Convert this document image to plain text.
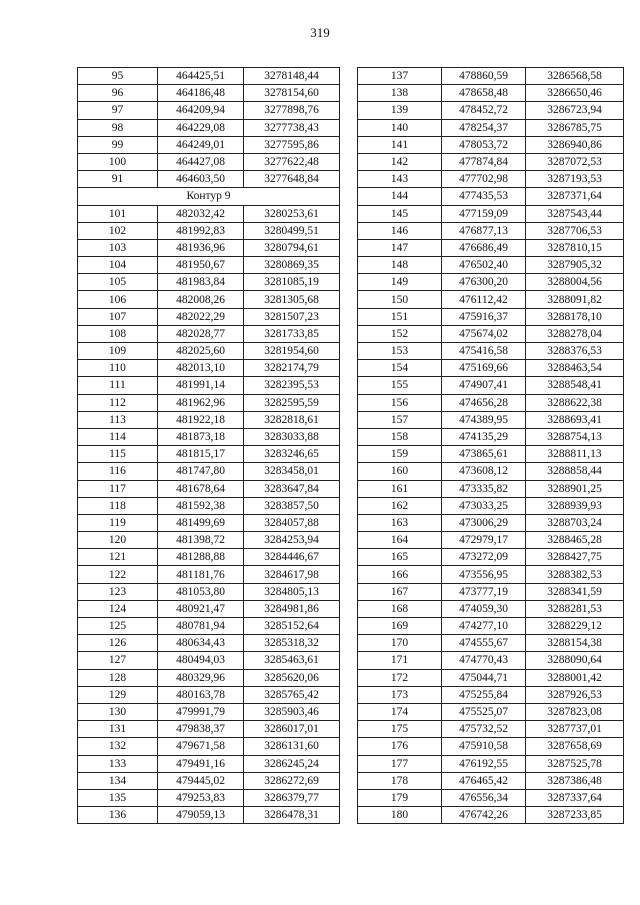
319
95	464425,51	3278148,44
96	464186,48	3278154,60
97	464209,94	3277898,76
98	464229,08	3277738,43
99	464249,01	3277595,86
100	464427,08	3277622,48
91	464603,50	3277648,84
Контур 9		
101	482032,42	3280253,61
102	481992,83	3280499,51
103	481936,96	3280794,61
104	481950,67	3280869,35
105	481983,84	3281085,19
106	482008,26	3281305,68
107	482022,29	3281507,23
108	482028,77	3281733,85
109	482025,60	3281954,60
110	482013,10	3282174,79
111	481991,14	3282395,53
112	481962,96	3282595,59
113	481922,18	3282818,61
114	481873,18	3283033,88
115	481815,17	3283246,65
116	481747,80	3283458,01
117	481678,64	3283647,84
118	481592,38	3283857,50
119	481499,69	3284057,88
120	481398,72	3284253,94
121	481288,88	3284446,67
122	481181,76	3284617,98
123	481053,80	3284805,13
124	480921,47	3284981,86
125	480781,94	3285152,64
126	480634,43	3285318,32
127	480494,03	3285463,61
128	480329,96	3285620,06
129	480163,78	3285765,42
130	479991,79	3285903,46
131	479838,37	3286017,01
132	479671,58	3286131,60
133	479491,16	3286245,24
134	479445,02	3286272,69
135	479253,83	3286379,77
136	479059,13	3286478,31
137	478860,59	3286568,58
138	478658,48	3286650,46
139	478452,72	3286723,94
140	478254,37	3286785,75
141	478053,72	3286940,86
142	477874,84	3287072,53
143	477702,98	3287193,53
144	477435,53	3287371,64
145	477159,09	3287543,44
146	476877,13	3287706,53
147	476686,49	3287810,15
148	476502,40	3287905,32
149	476300,20	3288004,56
150	476112,42	3288091,82
151	475916,37	3288178,10
152	475674,02	3288278,04
153	475416,58	3288376,53
154	475169,66	3288463,54
155	474907,41	3288548,41
156	474656,28	3288622,38
157	474389,95	3288693,41
158	474135,29	3288754,13
159	473865,61	3288811,13
160	473608,12	3288858,44
161	473335,82	3288901,25
162	473033,25	3288939,93
163	473006,29	3288703,24
164	472979,17	3288465,28
165	473272,09	3288427,75
166	473556,95	3288382,53
167	473777,19	3288341,59
168	474059,30	3288281,53
169	474277,10	3288229,12
170	474555,67	3288154,38
171	474770,43	3288090,64
172	475044,71	3288001,42
173	475255,84	3287926,53
174	475525,07	3287823,08
175	475732,52	3287737,01
176	475910,58	3287658,69
177	476192,55	3287525,78
178	476465,42	3287386,48
179	476556,34	3287337,64
180	476742,26	3287233,85
